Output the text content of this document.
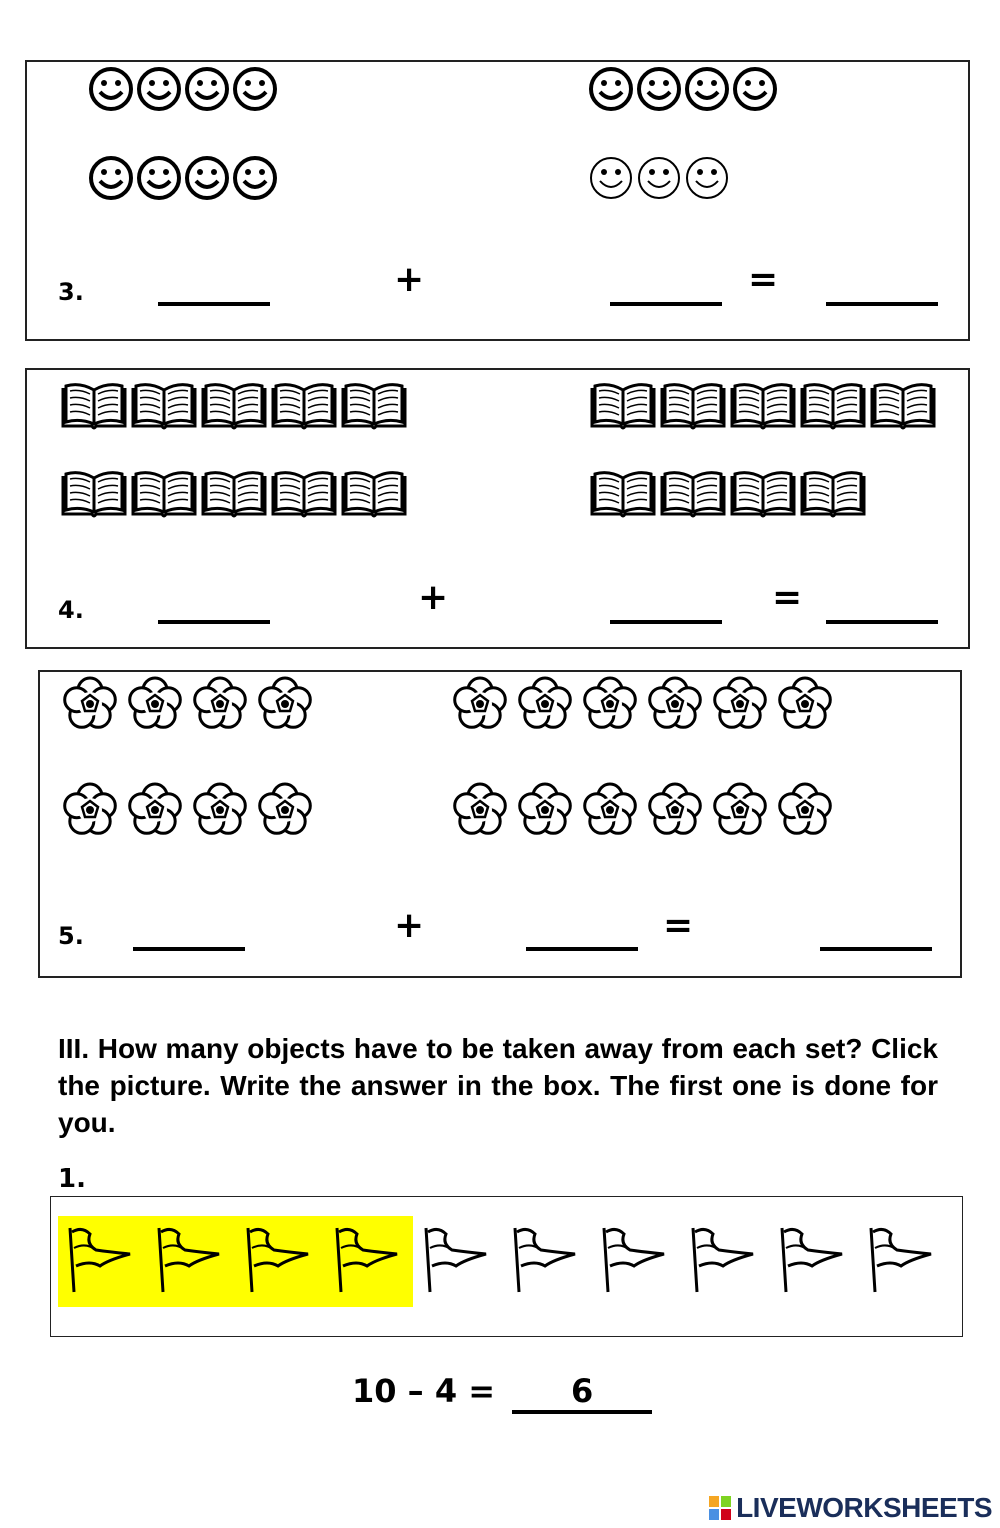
3.	+	=
4.	+	=
5.	+	=
III. How many objects have to be taken away from each set? Click the picture. Write the answer in the box. The first one is done for you.
1.
10 – 4 = 6
LIVEWORKSHEETS
